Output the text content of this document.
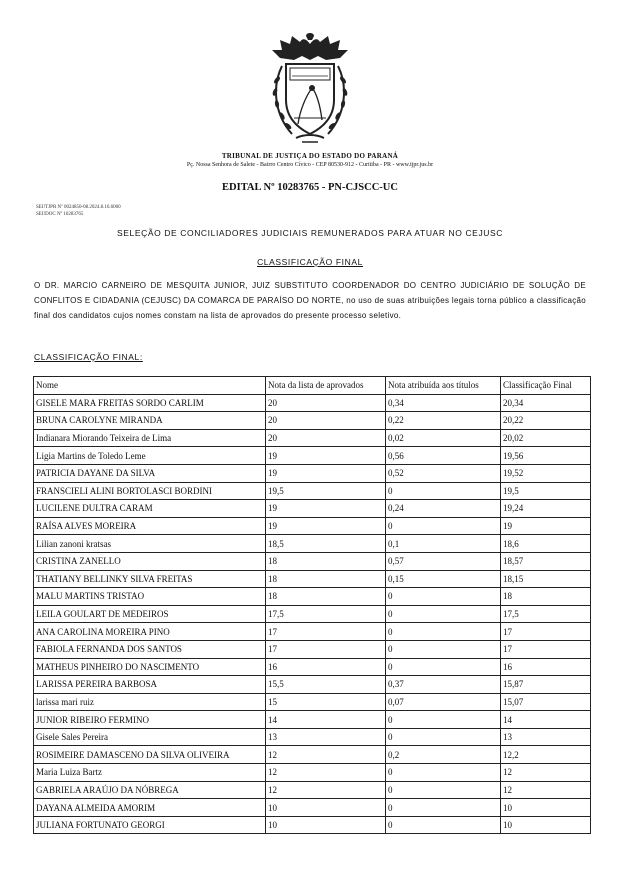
TRIBUNAL DE JUSTIÇA DO ESTADO DO PARANÁ
Pç. Nossa Senhora de Salete - Bairro Centro Cívico - CEP 80530-912 - Curitiba - PR - www.tjpr.jus.br
EDITAL Nº 10283765 - PN-CJSCC-UC
SEI!TJPR Nº 0024850-08.2024.8.16.6000
SEI!DOC Nº 10283765
SELEÇÃO DE CONCILIADORES JUDICIAIS REMUNERADOS PARA ATUAR NO CEJUSC
CLASSIFICAÇÃO FINAL
O DR. MARCIO CARNEIRO DE MESQUITA JUNIOR, JUIZ SUBSTITUTO COORDENADOR DO CENTRO JUDICIÁRIO DE SOLUÇÃO DE CONFLITOS E CIDADANIA (CEJUSC) DA COMARCA DE PARAÍSO DO NORTE, no uso de suas atribuições legais torna público a classificação final dos candidatos cujos nomes constam na lista de aprovados do presente processo seletivo.
CLASSIFICAÇÃO FINAL:
Nome	Nota da lista de aprovados	Nota atribuída aos títulos	Classificação Final
GISELE MARA FREITAS SORDO CARLIM	20	0,34	20,34
BRUNA CAROLYNE MIRANDA	20	0,22	20,22
Indianara Miorando Teixeira de Lima	20	0,02	20,02
Ligia Martins de Toledo Leme	19	0,56	19,56
PATRICIA DAYANE DA SILVA	19	0,52	19,52
FRANSCIELI ALINI BORTOLASCI BORDINI	19,5	0	19,5
LUCILENE DULTRA CARAM	19	0,24	19,24
RAÍSA ALVES MOREIRA	19	0	19
Lilian zanoni kratsas	18,5	0,1	18,6
CRISTINA ZANELLO	18	0,57	18,57
THATIANY BELLINKY SILVA FREITAS	18	0,15	18,15
MALU MARTINS TRISTAO	18	0	18
LEILA GOULART DE MEDEIROS	17,5	0	17,5
ANA CAROLINA MOREIRA PINO	17	0	17
FABIOLA FERNANDA DOS SANTOS	17	0	17
MATHEUS PINHEIRO DO NASCIMENTO	16	0	16
LARISSA PEREIRA BARBOSA	15,5	0,37	15,87
larissa mari ruiz	15	0,07	15,07
JUNIOR RIBEIRO FERMINO	14	0	14
Gisele Sales Pereira	13	0	13
ROSIMEIRE DAMASCENO DA SILVA OLIVEIRA	12	0,2	12,2
Maria Luiza Bartz	12	0	12
GABRIELA ARAÚJO DA NÓBREGA	12	0	12
DAYANA ALMEIDA AMORIM	10	0	10
JULIANA FORTUNATO GEORGI	10	0	10
